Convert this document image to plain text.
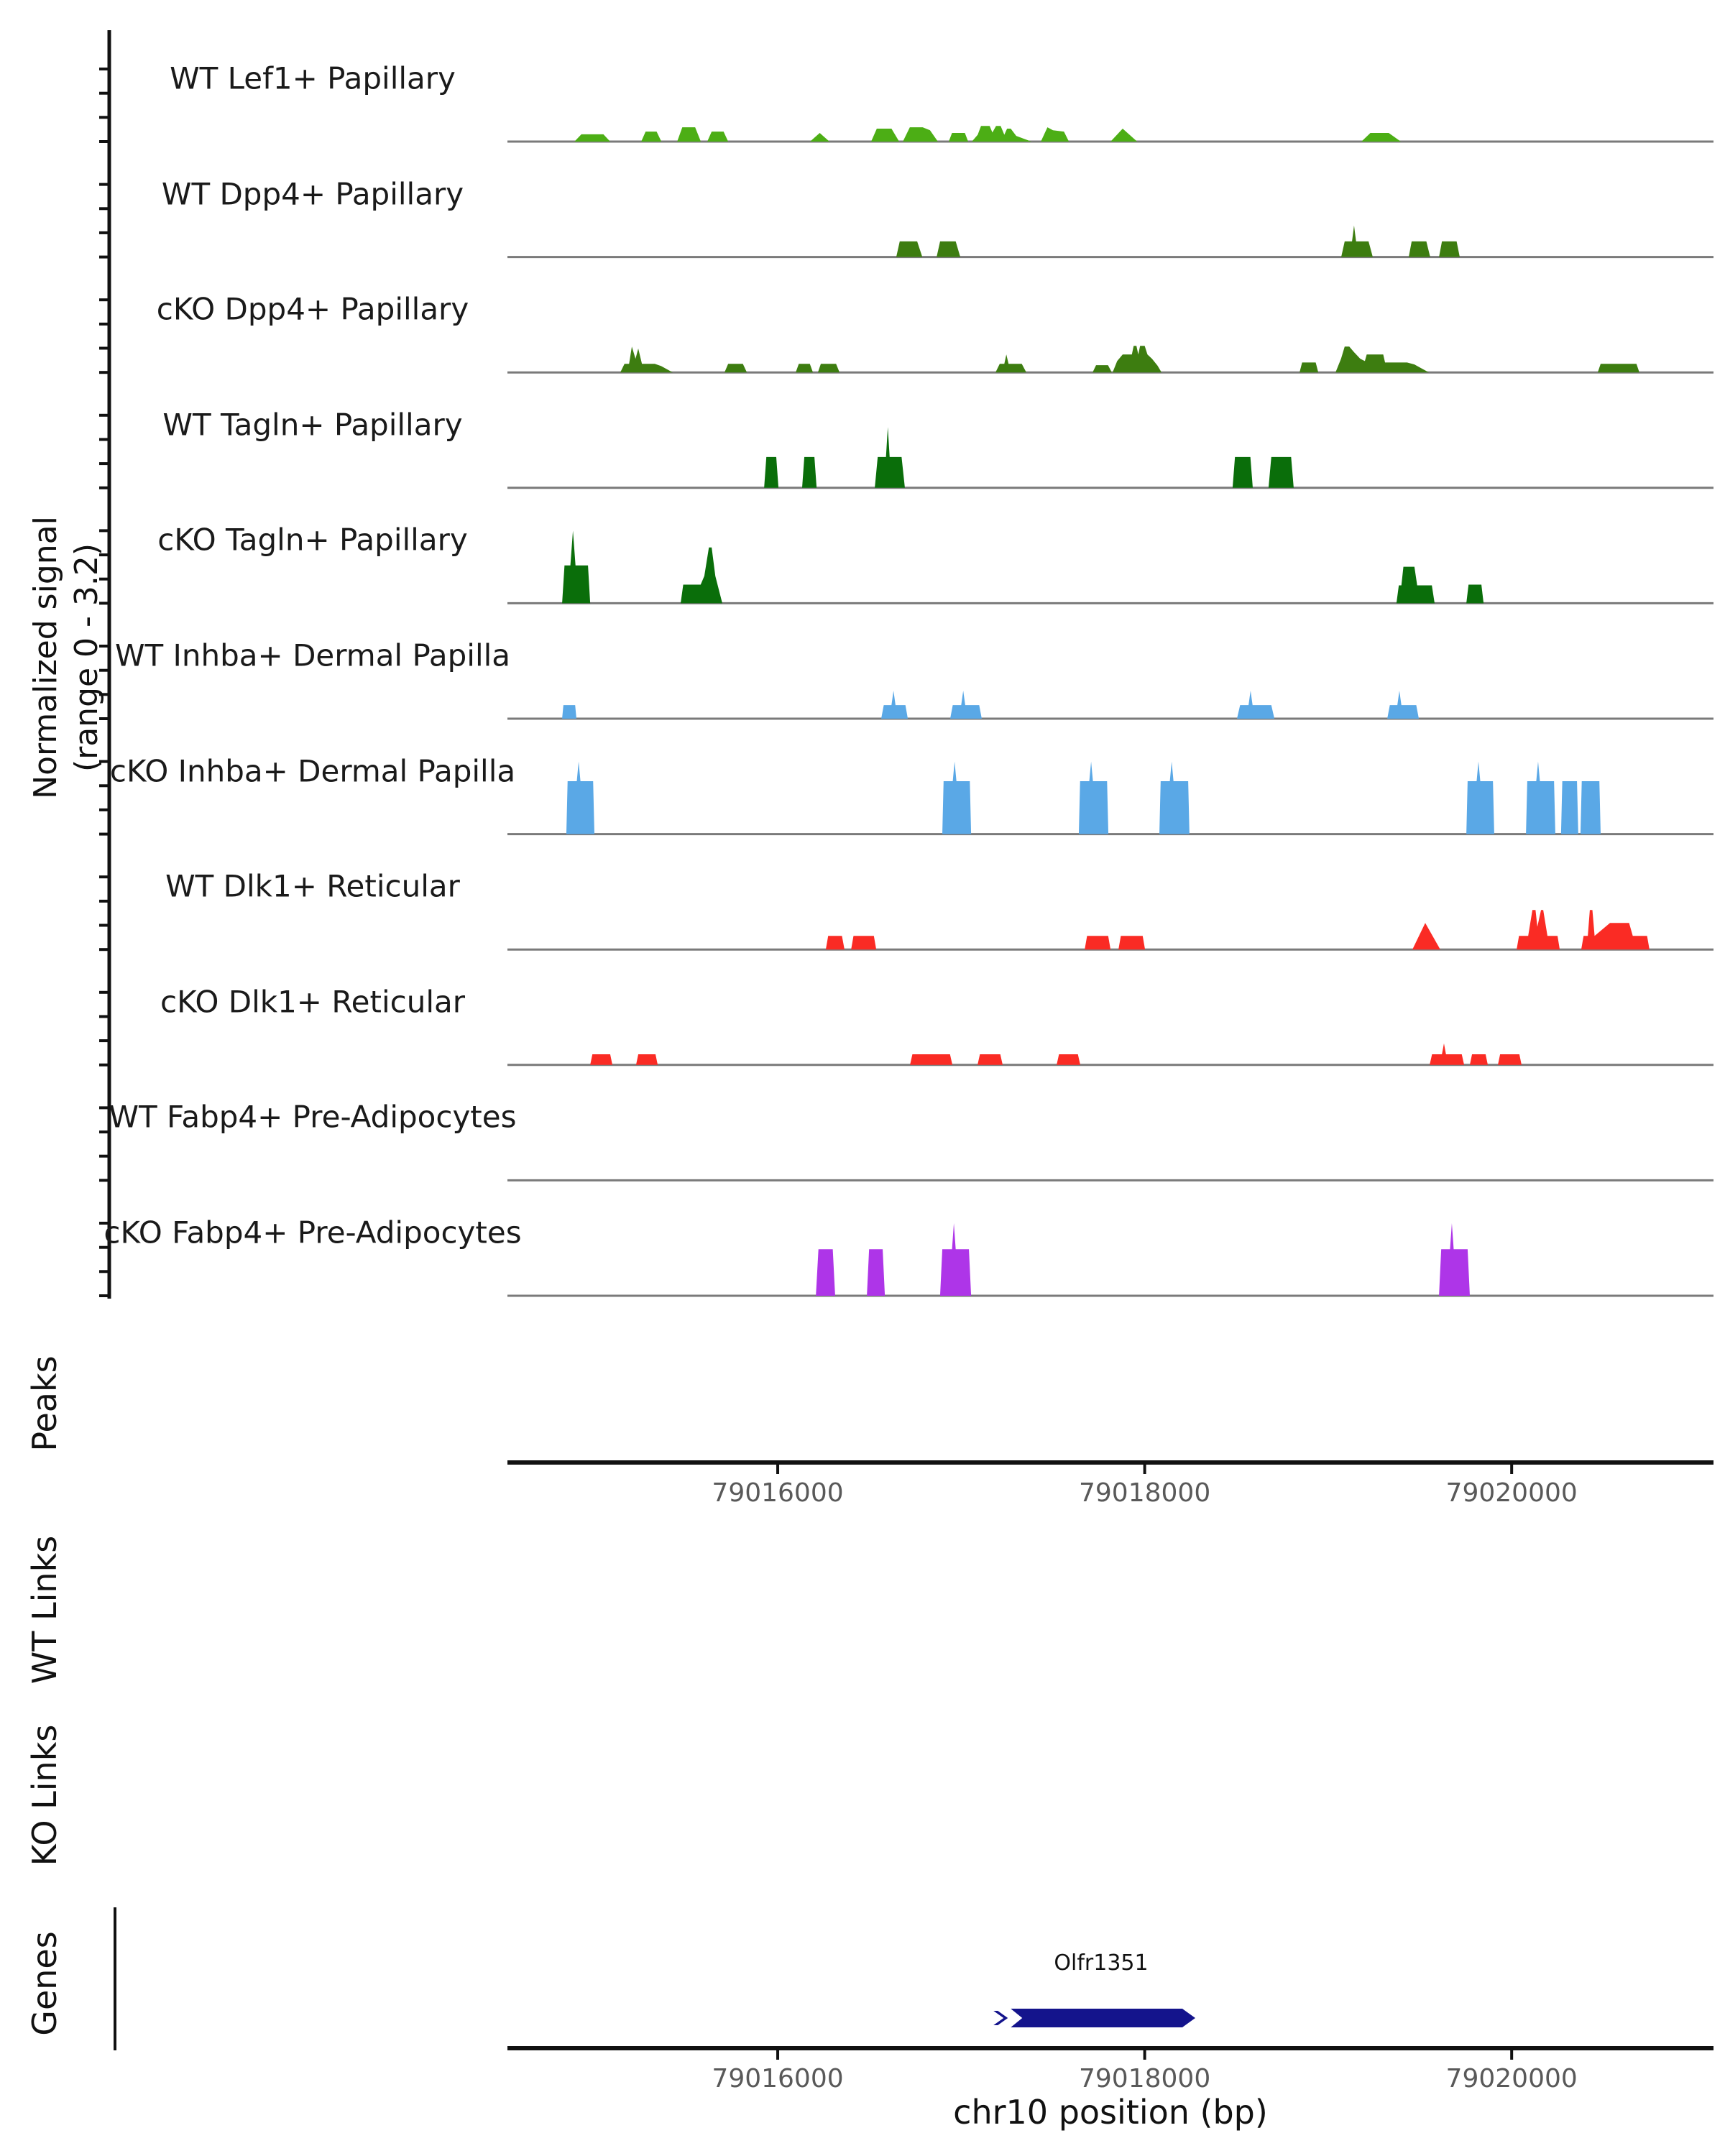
Normalized signal (range 0 - 3.2)
Peaks
WT Links
KO Links
Genes
WT Lef1+ Papillary
WT Dpp4+ Papillary
cKO Dpp4+ Papillary
WT Tagln+ Papillary
cKO Tagln+ Papillary
WT Inhba+ Dermal Papilla
cKO Inhba+ Dermal Papilla
WT Dlk1+ Reticular
cKO Dlk1+ Reticular
WT Fabp4+ Pre-Adipocytes
cKO Fabp4+ Pre-Adipocytes
79016000	79018000	79020000
79016000	79018000	79020000
Olfr1351
chr10 position (bp)
